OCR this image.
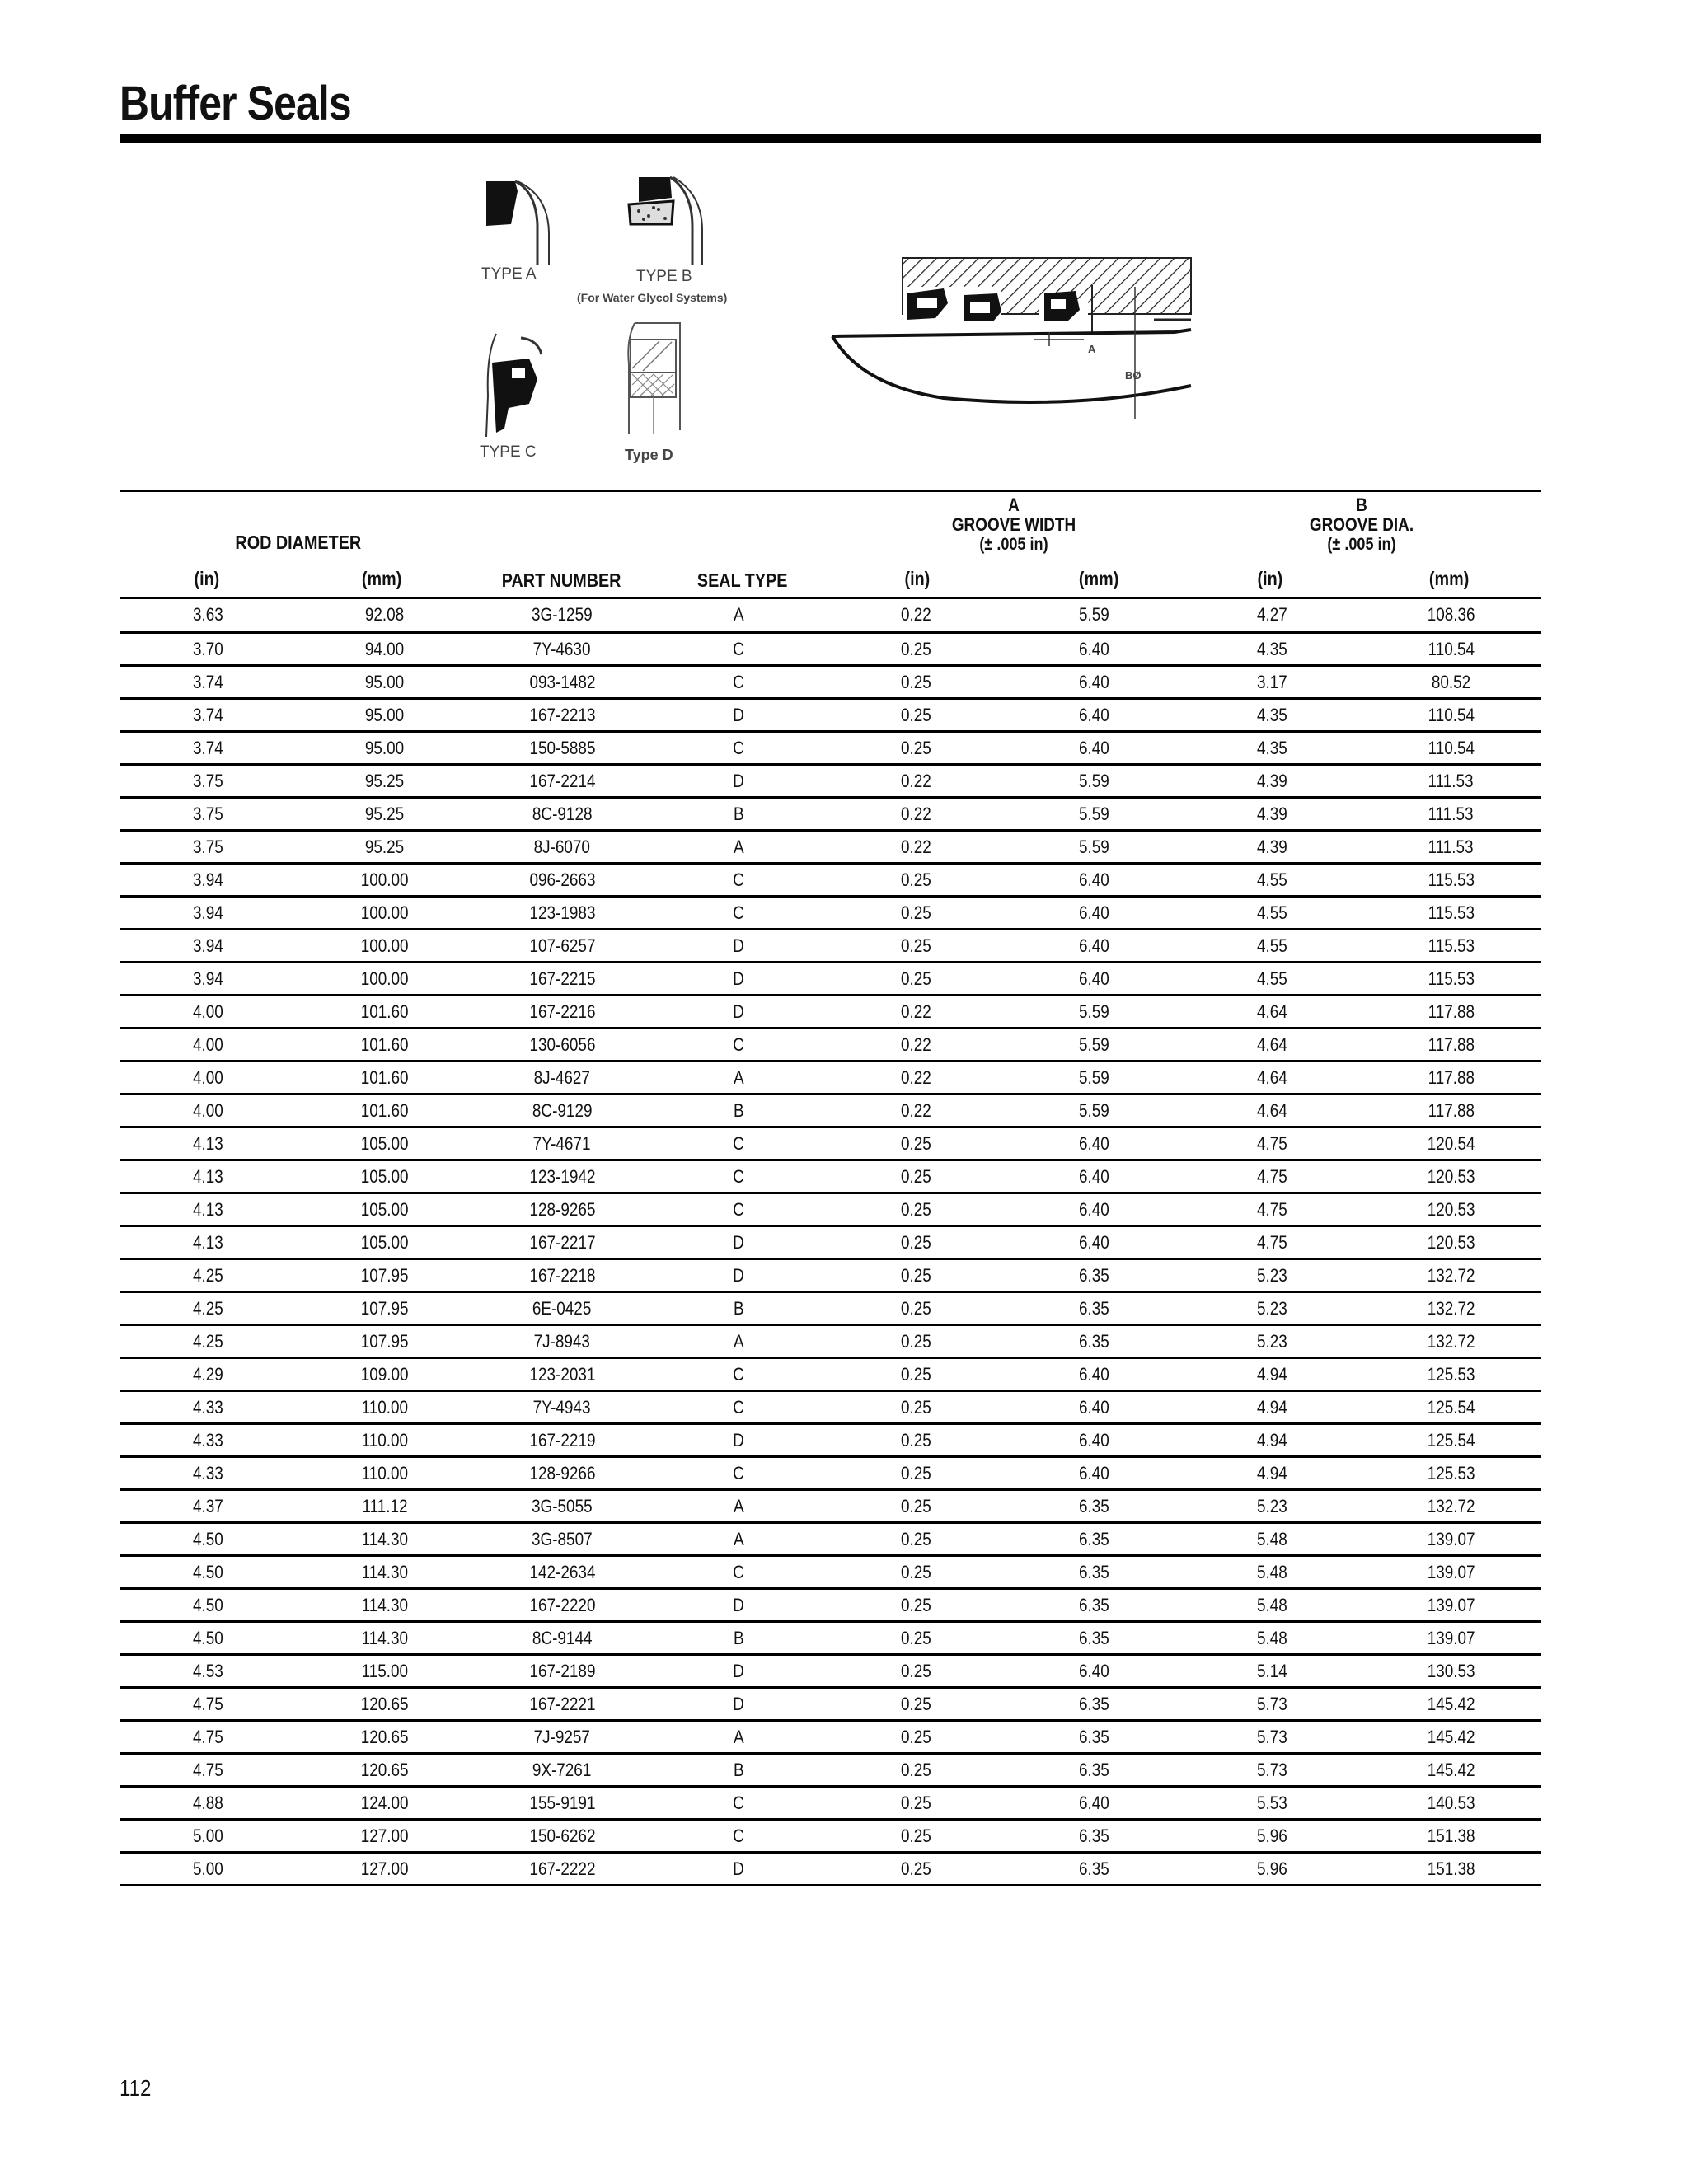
Buffer Seals
TYPE A	TYPE B
(For Water Glycol Systems)
TYPE C	Type D
A
BØ
ROD DIAMETER
A
GROOVE WIDTH
(± .005 in)
B
GROOVE DIA.
(± .005 in)
(in)	(mm)	PART NUMBER	SEAL TYPE	(in)	(mm)	(in)	(mm)
3.63	92.08	3G-1259	A	0.22	5.59	4.27	108.36
3.70	94.00	7Y-4630	C	0.25	6.40	4.35	110.54
3.74	95.00	093-1482	C	0.25	6.40	3.17	80.52
3.74	95.00	167-2213	D	0.25	6.40	4.35	110.54
3.74	95.00	150-5885	C	0.25	6.40	4.35	110.54
3.75	95.25	167-2214	D	0.22	5.59	4.39	111.53
3.75	95.25	8C-9128	B	0.22	5.59	4.39	111.53
3.75	95.25	8J-6070	A	0.22	5.59	4.39	111.53
3.94	100.00	096-2663	C	0.25	6.40	4.55	115.53
3.94	100.00	123-1983	C	0.25	6.40	4.55	115.53
3.94	100.00	107-6257	D	0.25	6.40	4.55	115.53
3.94	100.00	167-2215	D	0.25	6.40	4.55	115.53
4.00	101.60	167-2216	D	0.22	5.59	4.64	117.88
4.00	101.60	130-6056	C	0.22	5.59	4.64	117.88
4.00	101.60	8J-4627	A	0.22	5.59	4.64	117.88
4.00	101.60	8C-9129	B	0.22	5.59	4.64	117.88
4.13	105.00	7Y-4671	C	0.25	6.40	4.75	120.54
4.13	105.00	123-1942	C	0.25	6.40	4.75	120.53
4.13	105.00	128-9265	C	0.25	6.40	4.75	120.53
4.13	105.00	167-2217	D	0.25	6.40	4.75	120.53
4.25	107.95	167-2218	D	0.25	6.35	5.23	132.72
4.25	107.95	6E-0425	B	0.25	6.35	5.23	132.72
4.25	107.95	7J-8943	A	0.25	6.35	5.23	132.72
4.29	109.00	123-2031	C	0.25	6.40	4.94	125.53
4.33	110.00	7Y-4943	C	0.25	6.40	4.94	125.54
4.33	110.00	167-2219	D	0.25	6.40	4.94	125.54
4.33	110.00	128-9266	C	0.25	6.40	4.94	125.53
4.37	111.12	3G-5055	A	0.25	6.35	5.23	132.72
4.50	114.30	3G-8507	A	0.25	6.35	5.48	139.07
4.50	114.30	142-2634	C	0.25	6.35	5.48	139.07
4.50	114.30	167-2220	D	0.25	6.35	5.48	139.07
4.50	114.30	8C-9144	B	0.25	6.35	5.48	139.07
4.53	115.00	167-2189	D	0.25	6.40	5.14	130.53
4.75	120.65	167-2221	D	0.25	6.35	5.73	145.42
4.75	120.65	7J-9257	A	0.25	6.35	5.73	145.42
4.75	120.65	9X-7261	B	0.25	6.35	5.73	145.42
4.88	124.00	155-9191	C	0.25	6.40	5.53	140.53
5.00	127.00	150-6262	C	0.25	6.35	5.96	151.38
5.00	127.00	167-2222	D	0.25	6.35	5.96	151.38
112
